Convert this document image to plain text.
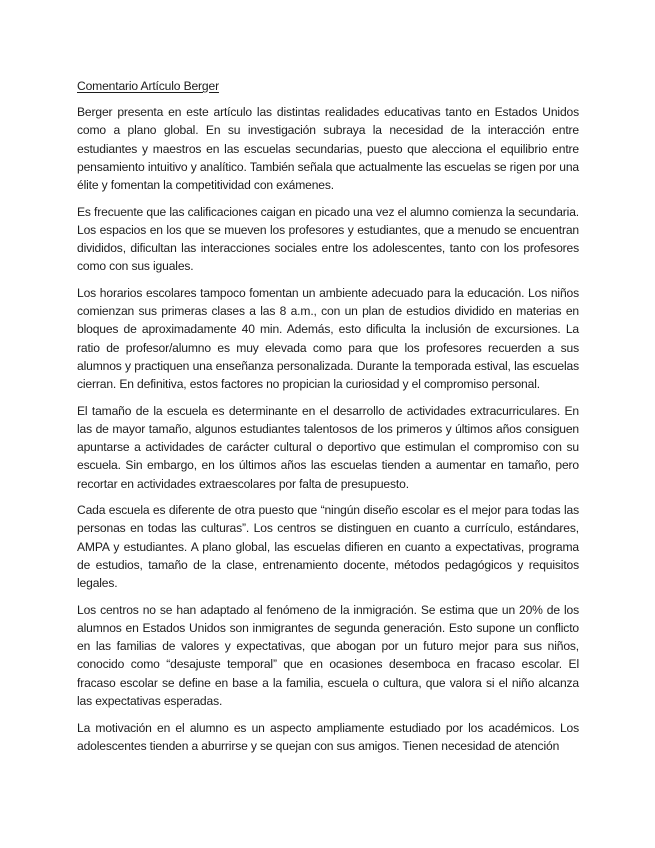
Comentario Artículo Berger

Berger presenta en este artículo las distintas realidades educativas tanto en Estados Unidos como a plano global. En su investigación subraya la necesidad de la interacción entre estudiantes y maestros en las escuelas secundarias, puesto que alecciona el equilibrio entre pensamiento intuitivo y analítico. También señala que actualmente las escuelas se rigen por una élite y fomentan la competitividad con exámenes.

Es frecuente que las calificaciones caigan en picado una vez el alumno comienza la secundaria. Los espacios en los que se mueven los profesores y estudiantes, que a menudo se encuentran divididos, dificultan las interacciones sociales entre los adolescentes, tanto con los profesores como con sus iguales.

Los horarios escolares tampoco fomentan un ambiente adecuado para la educación. Los niños comienzan sus primeras clases a las 8 a.m., con un plan de estudios dividido en materias en bloques de aproximadamente 40 min. Además, esto dificulta la inclusión de excursiones. La ratio de profesor/alumno es muy elevada como para que los profesores recuerden a sus alumnos y practiquen una enseñanza personalizada. Durante la temporada estival, las escuelas cierran. En definitiva, estos factores no propician la curiosidad y el compromiso personal.

El tamaño de la escuela es determinante en el desarrollo de actividades extracurriculares. En las de mayor tamaño, algunos estudiantes talentosos de los primeros y últimos años consiguen apuntarse a actividades de carácter cultural o deportivo que estimulan el compromiso con su escuela. Sin embargo, en los últimos años las escuelas tienden a aumentar en tamaño, pero recortar en actividades extraescolares por falta de presupuesto.

Cada escuela es diferente de otra puesto que “ningún diseño escolar es el mejor para todas las personas en todas las culturas”. Los centros se distinguen en cuanto a currículo, estándares, AMPA y estudiantes. A plano global, las escuelas difieren en cuanto a expectativas, programa de estudios, tamaño de la clase, entrenamiento docente, métodos pedagógicos y requisitos legales.

Los centros no se han adaptado al fenómeno de la inmigración. Se estima que un 20% de los alumnos en Estados Unidos son inmigrantes de segunda generación. Esto supone un conflicto en las familias de valores y expectativas, que abogan por un futuro mejor para sus niños, conocido como “desajuste temporal” que en ocasiones desemboca en fracaso escolar. El fracaso escolar se define en base a la familia, escuela o cultura, que valora si el niño alcanza las expectativas esperadas.

La motivación en el alumno es un aspecto ampliamente estudiado por los académicos. Los adolescentes tienden a aburrirse y se quejan con sus amigos. Tienen necesidad de atención
